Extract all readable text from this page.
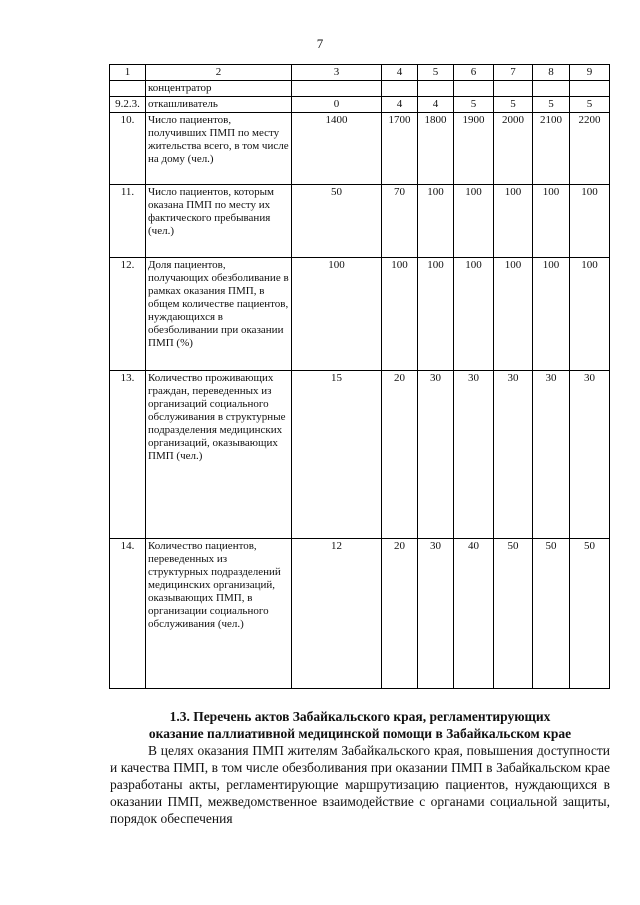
7
1	2	3	4	5	6	7	8	9
	концентратор							
9.2.3.	откашливатель	0	4	4	5	5	5	5
10.	Число пациентов, получивших ПМП по месту жительства всего, в том числе на дому (чел.)	1400	1700	1800	1900	2000	2100	2200
11.	Число пациентов, которым оказана ПМП по месту их фактического пребывания (чел.)	50	70	100	100	100	100	100
12.	Доля пациентов, получающих обезболивание в рамках оказания ПМП, в общем количестве пациентов, нуждающихся в обезболивании при оказании ПМП (%)	100	100	100	100	100	100	100
13.	Количество проживающих граждан, переведенных из организаций социального обслуживания в структурные подразделения медицинских организаций, оказывающих ПМП (чел.)	15	20	30	30	30	30	30
14.	Количество пациентов, переведенных из структурных подразделений медицинских организаций, оказывающих ПМП, в организации социального обслуживания (чел.)	12	20	30	40	50	50	50
1.3. Перечень актов Забайкальского края, регламентирующих
оказание паллиативной медицинской помощи в Забайкальском крае

В целях оказания ПМП жителям Забайкальского края, повышения доступности и качества ПМП, в том числе обезболивания при оказании ПМП в Забайкальском крае разработаны акты, регламентирующие маршрутизацию пациентов, нуждающихся в оказании ПМП, межведомственное взаимодействие с органами социальной защиты, порядок обеспечения
